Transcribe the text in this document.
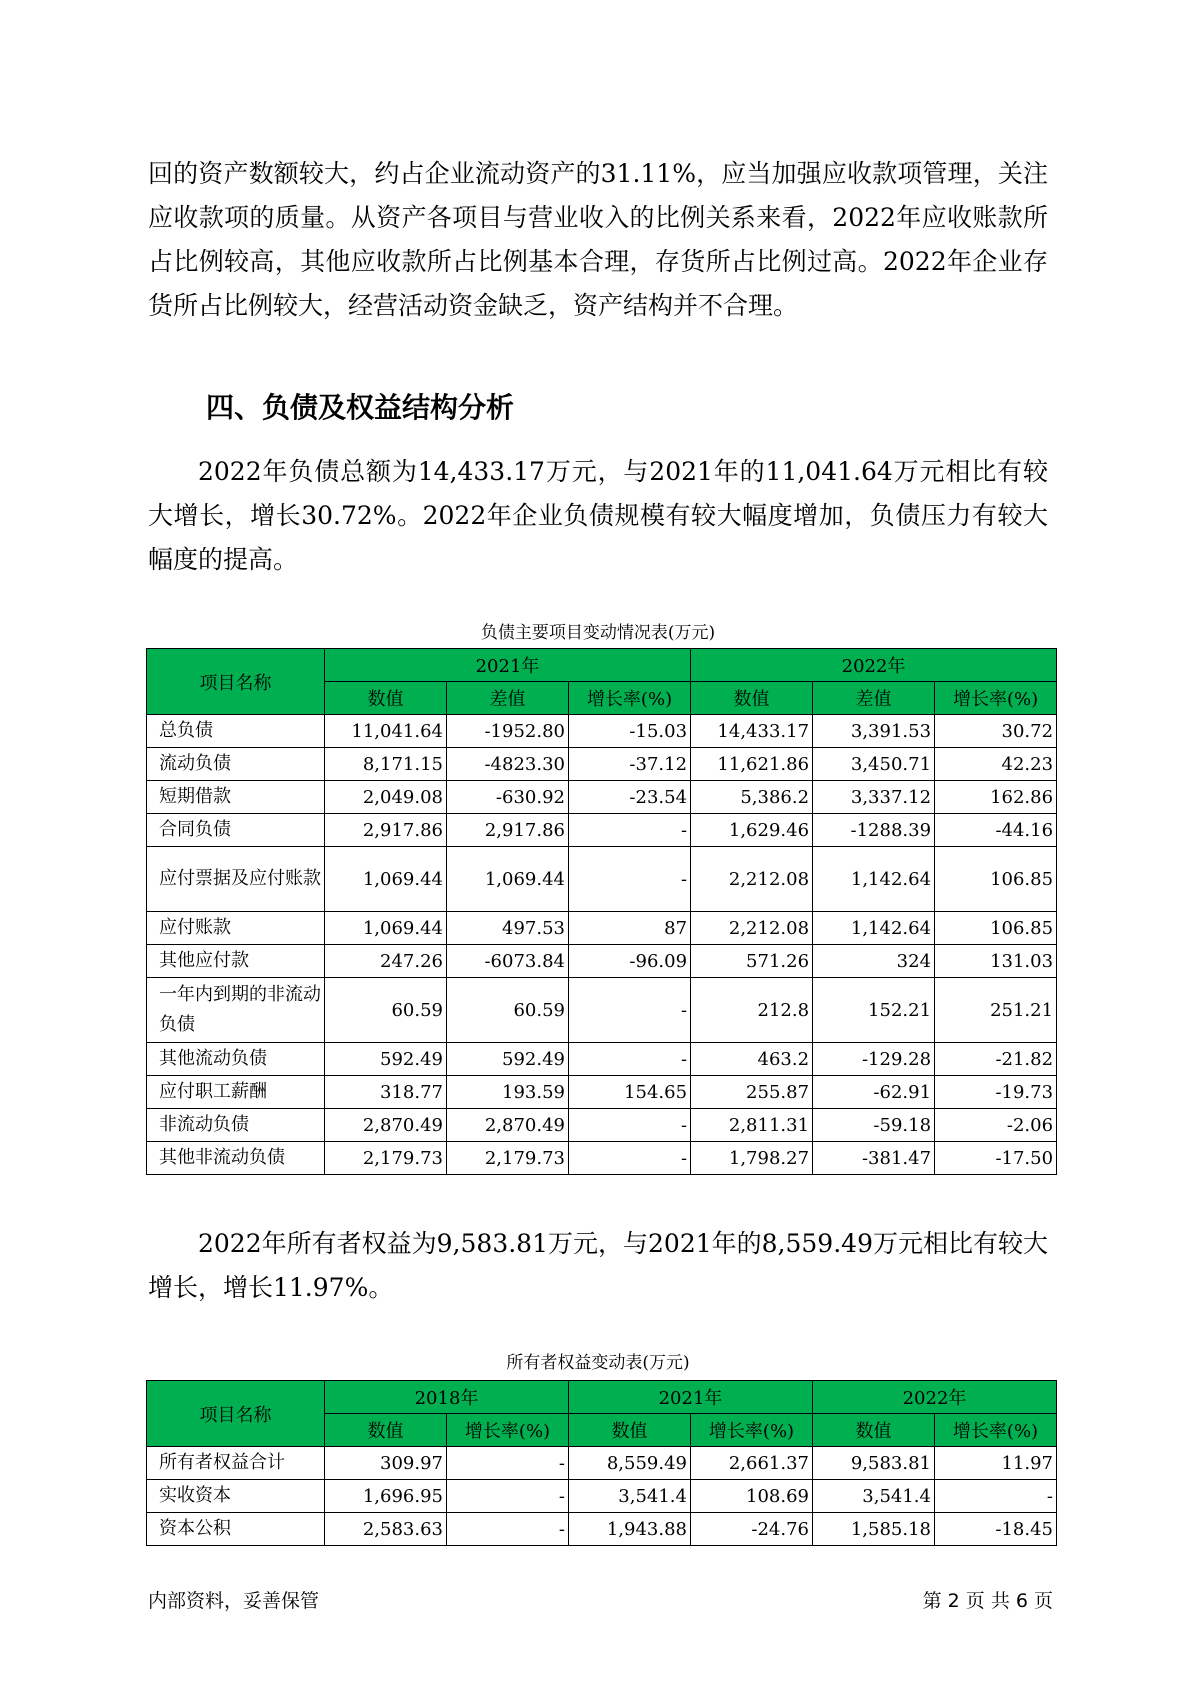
回的资产数额较大，约占企业流动资产的31.11%，应当加强应收款项管理，关注应收款项的质量。从资产各项目与营业收入的比例关系来看，2022年应收账款所占比例较高，其他应收款所占比例基本合理，存货所占比例过高。2022年企业存货所占比例较大，经营活动资金缺乏，资产结构并不合理。

四、负债及权益结构分析

2022年负债总额为14,433.17万元，与2021年的11,041.64万元相比有较大增长，增长30.72%。2022年企业负债规模有较大幅度增加，负债压力有较大幅度的提高。

负债主要项目变动情况表(万元)
项目名称	2021年			2022年		
	数值	差值	增长率(%)	数值	差值	增长率(%)
总负债	11,041.64	-1952.80	-15.03	14,433.17	3,391.53	30.72
流动负债	8,171.15	-4823.30	-37.12	11,621.86	3,450.71	42.23
短期借款	2,049.08	-630.92	-23.54	5,386.2	3,337.12	162.86
合同负债	2,917.86	2,917.86	-	1,629.46	-1288.39	-44.16
应付票据及应付账款	1,069.44	1,069.44	-	2,212.08	1,142.64	106.85
应付账款	1,069.44	497.53	87	2,212.08	1,142.64	106.85
其他应付款	247.26	-6073.84	-96.09	571.26	324	131.03
一年内到期的非流动负债	60.59	60.59	-	212.8	152.21	251.21
其他流动负债	592.49	592.49	-	463.2	-129.28	-21.82
应付职工薪酬	318.77	193.59	154.65	255.87	-62.91	-19.73
非流动负债	2,870.49	2,870.49	-	2,811.31	-59.18	-2.06
其他非流动负债	2,179.73	2,179.73	-	1,798.27	-381.47	-17.50

2022年所有者权益为9,583.81万元，与2021年的8,559.49万元相比有较大增长，增长11.97%。

所有者权益变动表(万元)
项目名称	2018年		2021年		2022年	
	数值	增长率(%)	数值	增长率(%)	数值	增长率(%)
所有者权益合计	309.97	-	8,559.49	2,661.37	9,583.81	11.97
实收资本	1,696.95	-	3,541.4	108.69	3,541.4	-
资本公积	2,583.63	-	1,943.88	-24.76	1,585.18	-18.45
内部资料，妥善保管	第 2 页 共 6 页
